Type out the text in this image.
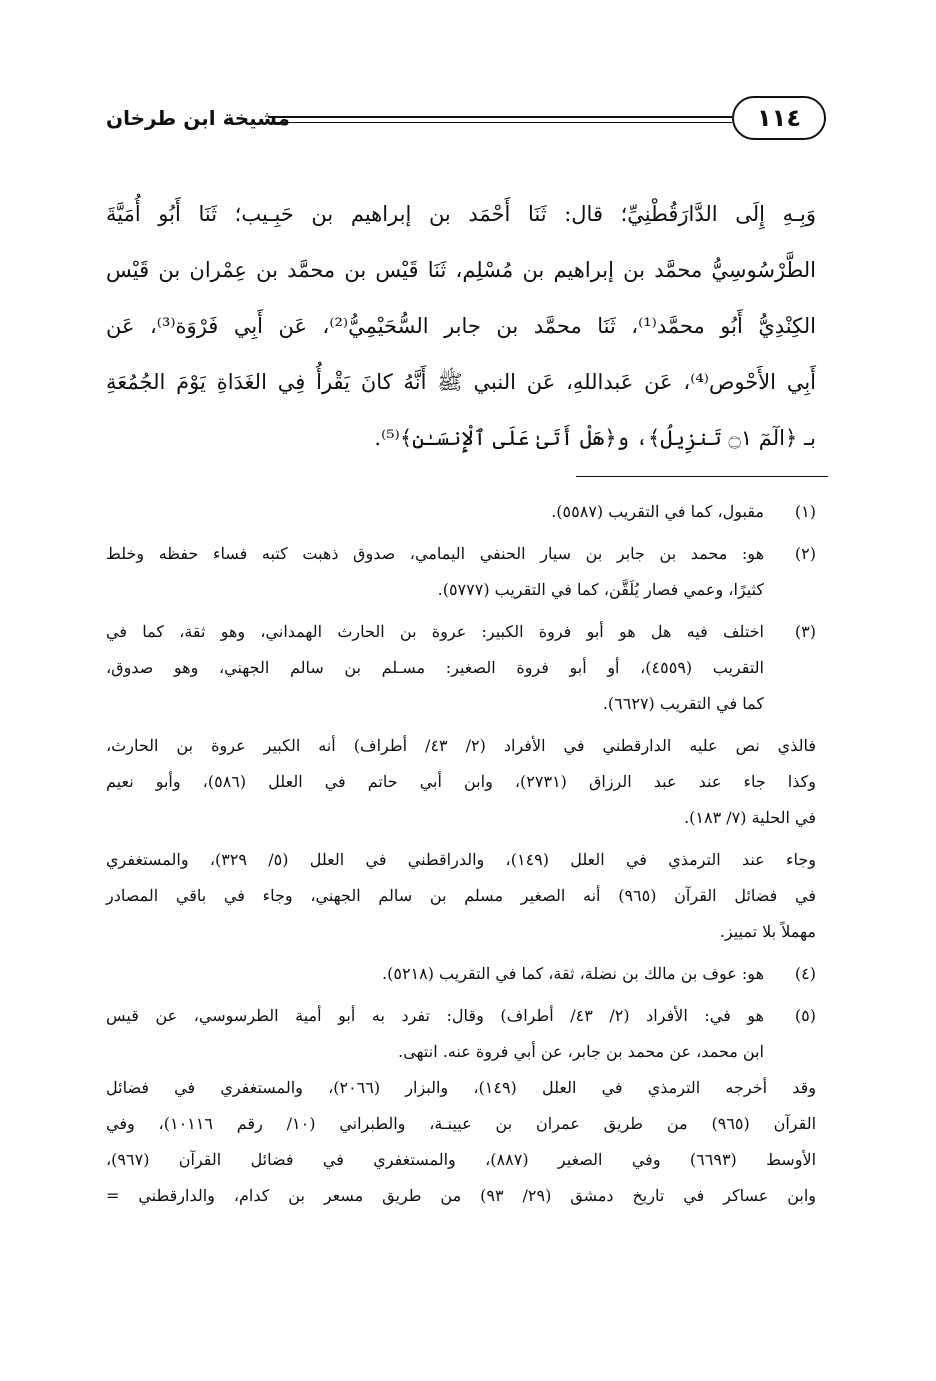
مشيخة ابن طرخان	١١٤
وَبِـهِ إِلَى الدَّارَقُطْنِيِّ؛ قال: ثَنَا أَحْمَد بن إبراهيم بن حَبِـيب؛ ثَنَا أَبُو أُمَيَّةَ
الطَّرْسُوسِيُّ محمَّد بن إبراهيم بن مُسْلِم، ثَنَا قَيْس بن محمَّد بن عِمْران بن قَيْس
الكِنْدِيُّ أَبُو محمَّد⁽¹⁾، ثَنَا محمَّد بن جابر السُّحَيْمِيُّ⁽²⁾، عَن أَبِي فَرْوَة⁽³⁾، عَن
أَبِي الأَحْوص⁽⁴⁾، عَن عَبداللهِ، عَن النبي ﷺ أَنَّهُ كانَ يَقْرأُ فِي الغَدَاةِ يَوْمَ الجُمُعَةِ
بـ ﴿الٓمٓ ۝١ تَنزِيلُ﴾، و﴿هَلْ أَتَىٰ عَلَى ٱلْإِنسَـٰنِ﴾⁽⁵⁾.
(١)
مقبول، كما في التقريب (٥٥٨٧).
(٢)
هو: محمد بن جابر بن سيار الحنفي اليمامي، صدوق ذهبت كتبه فساء حفظه وخلط
كثيرًا، وعمي فصار يُلَقَّن، كما في التقريب (٥٧٧٧).
(٣)
اختلف فيه هل هو أبو فروة الكبير: عروة بن الحارث الهمداني، وهو ثقة، كما في
التقريب (٤٥٥٩)، أو أبو فروة الصغير: مسـلم بن سالم الجهني، وهو صدوق،
كما في التقريب (٦٦٢٧).
فالذي نص عليه الدارقطني في الأفراد (٢/ ٤٣/ أطراف) أنه الكبير عروة بن الحارث،
وكذا جاء عند عبد الرزاق (٢٧٣١)، وابن أبي حاتم في العلل (٥٨٦)، وأبو نعيم
في الحلية (٧/ ١٨٣).
وجاء عند الترمذي في العلل (١٤٩)، والدراقطني في العلل (٥/ ٣٢٩)، والمستغفري
في فضائل القرآن (٩٦٥) أنه الصغير مسلم بن سالم الجهني، وجاء في باقي المصادر
مهملاً بلا تمييز.
(٤)
هو: عوف بن مالك بن نضلة، ثقة، كما في التقريب (٥٢١٨).
(٥)
هو في: الأفراد (٢/ ٤٣/ أطراف) وقال: تفرد به أبو أمية الطرسوسي، عن قيس
ابن محمد، عن محمد بن جابر، عن أبي فروة عنه. انتهى.
وقد أخرجه الترمذي في العلل (١٤٩)، والبزار (٢٠٦٦)، والمستغفري في فضائل
القرآن (٩٦٥) من طريق عمران بن عيينـة، والطبراني (١٠/ رقم ١٠١١٦)، وفي
الأوسط (٦٦٩٣) وفي الصغير (٨٨٧)، والمستغفري في فضائل القرآن (٩٦٧)،
وابن عساكر في تاريخ دمشق (٢٩/ ٩٣) من طريق مسعر بن كدام، والدارقطني =
